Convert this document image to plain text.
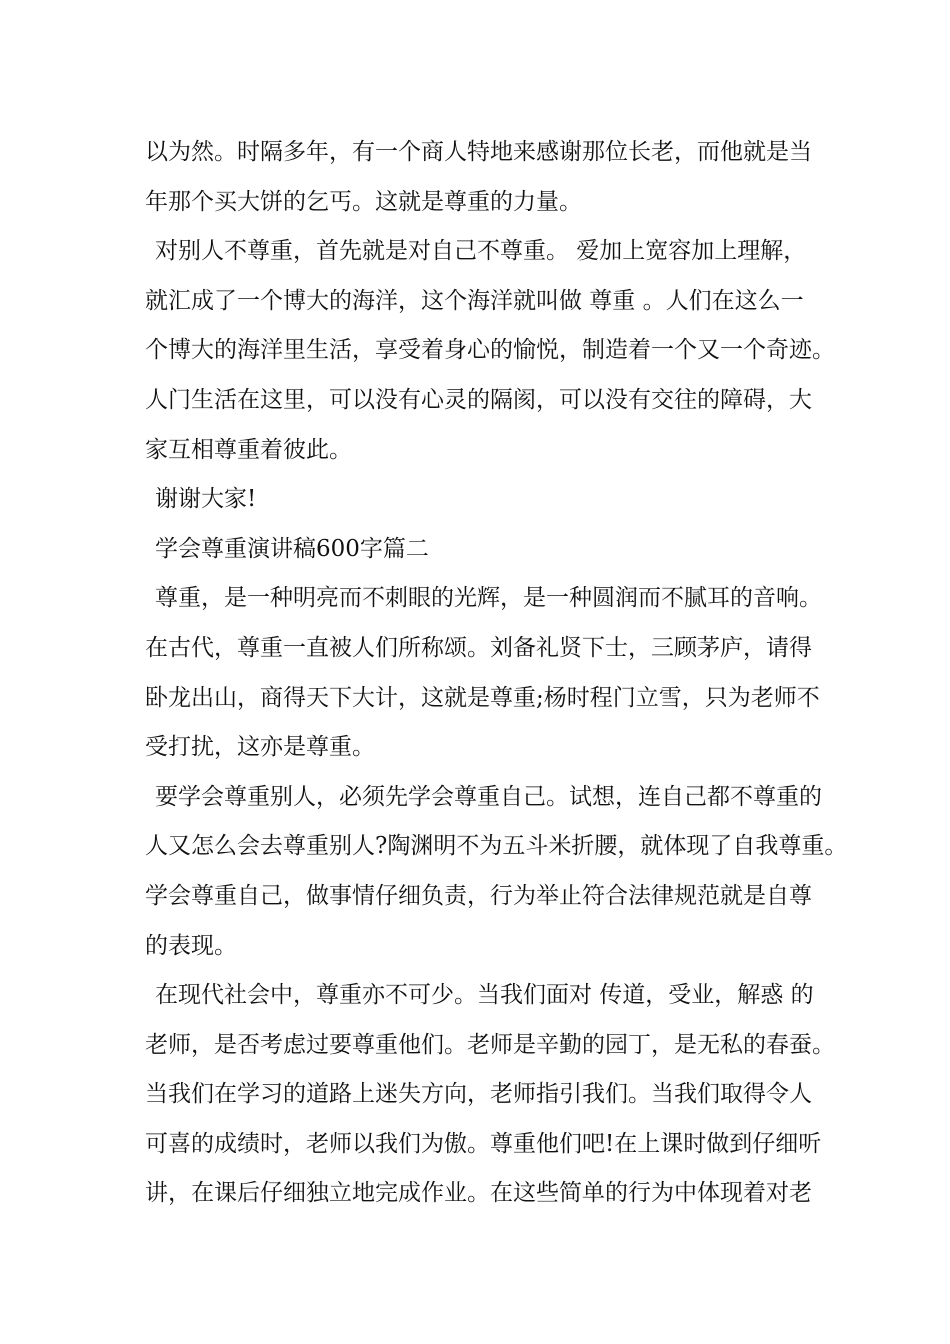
以为然。时隔多年，有一个商人特地来感谢那位长老，而他就是当
年那个买大饼的乞丐。这就是尊重的力量。
对别人不尊重，首先就是对自己不尊重。 爱加上宽容加上理解，
就汇成了一个博大的海洋，这个海洋就叫做 尊重 。人们在这么一
个博大的海洋里生活，享受着身心的愉悦，制造着一个又一个奇迹。
人门生活在这里，可以没有心灵的隔阂，可以没有交往的障碍，大
家互相尊重着彼此。
谢谢大家!
学会尊重演讲稿600字篇二
尊重，是一种明亮而不刺眼的光辉，是一种圆润而不腻耳的音响。
在古代，尊重一直被人们所称颂。刘备礼贤下士，三顾茅庐，请得
卧龙出山，商得天下大计，这就是尊重;杨时程门立雪，只为老师不
受打扰，这亦是尊重。
要学会尊重别人，必须先学会尊重自己。试想，连自己都不尊重的
人又怎么会去尊重别人?陶渊明不为五斗米折腰，就体现了自我尊重。
学会尊重自己，做事情仔细负责，行为举止符合法律规范就是自尊
的表现。
在现代社会中，尊重亦不可少。当我们面对 传道，受业，解惑 的
老师，是否考虑过要尊重他们。老师是辛勤的园丁，是无私的春蚕。
当我们在学习的道路上迷失方向，老师指引我们。当我们取得令人
可喜的成绩时，老师以我们为傲。尊重他们吧!在上课时做到仔细听
讲，在课后仔细独立地完成作业。在这些简单的行为中体现着对老
